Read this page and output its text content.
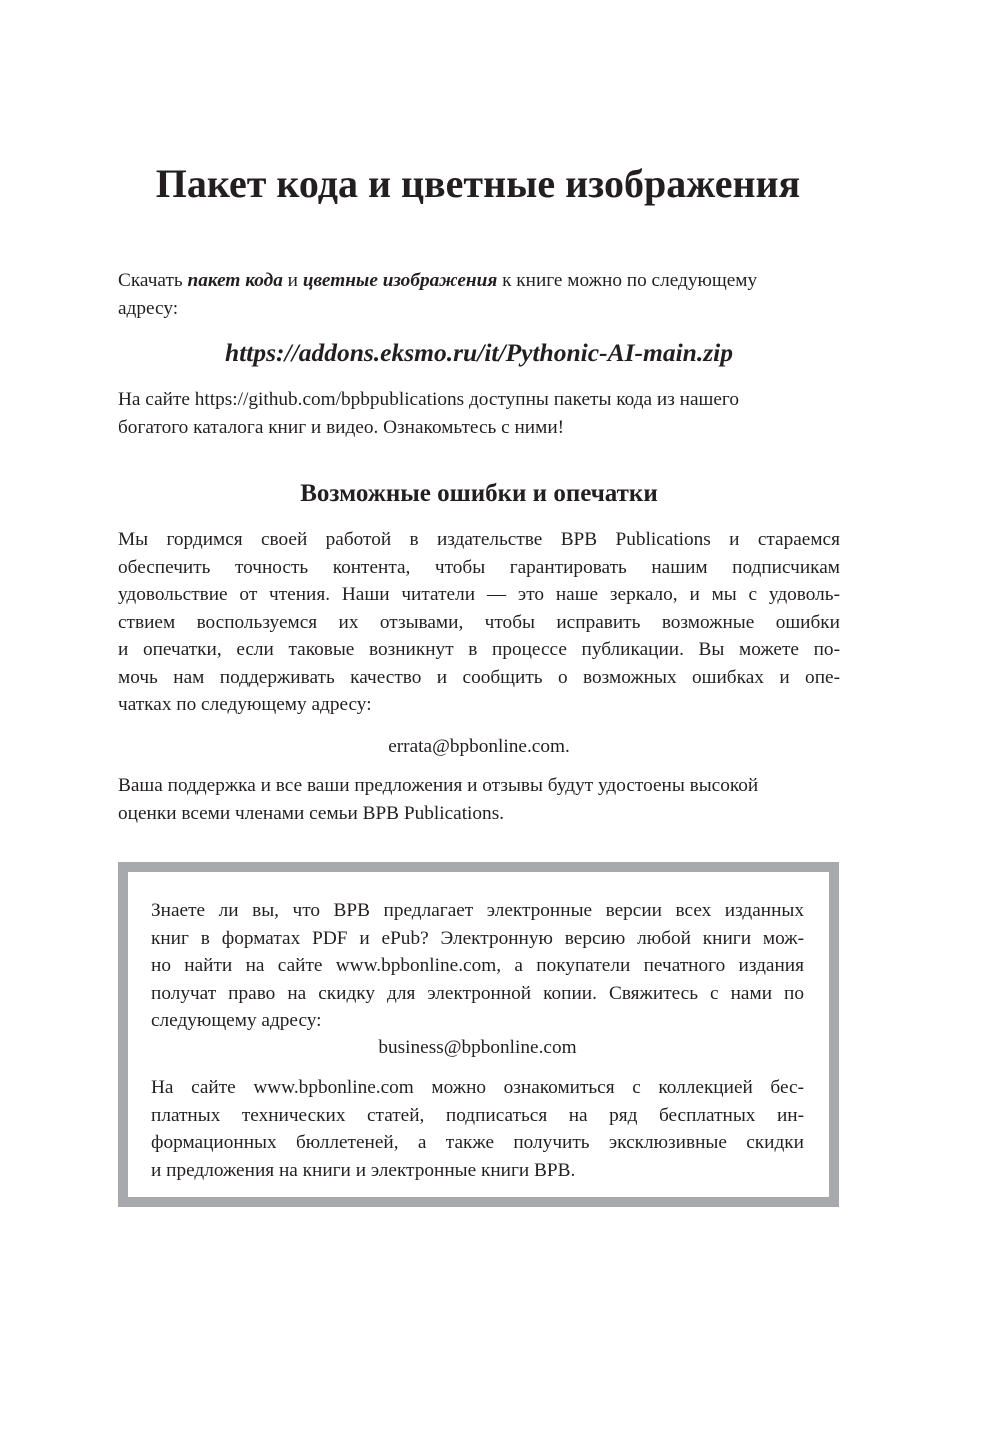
Пакет кода и цветные изображения

Скачать пакет кода и цветные изображения к книге можно по следующему
адресу:

https://addons.eksmo.ru/it/Pythonic-AI-main.zip

На сайте https://github.com/bpbpublications доступны пакеты кода из нашего
богатого каталога книг и видео. Ознакомьтесь с ними!

Возможные ошибки и опечатки

Мы гордимся своей работой в издательстве BPB Publications и стараемся

обеспечить точность контента, чтобы гарантировать нашим подписчикам

удовольствие от чтения. Наши читатели — это наше зеркало, и мы с удоволь-

ствием воспользуемся их отзывами, чтобы исправить возможные ошибки

и опечатки, если таковые возникнут в процессе публикации. Вы можете по-

мочь нам поддерживать качество и сообщить о возможных ошибках и опе-

чатках по следующему адресу:

errata@bpbonline.com.

Ваша поддержка и все ваши предложения и отзывы будут удостоены высокой
оценки всеми членами семьи BPB Publications.

Знаете ли вы, что BPB предлагает электронные версии всех изданных

книг в форматах PDF и ePub? Электронную версию любой книги мож-

но найти на сайте www.bpbonline.com, а покупатели печатного издания

получат право на скидку для электронной копии. Свяжитесь с нами по

следующему адресу:

business@bpbonline.com

На сайте www.bpbonline.com можно ознакомиться с коллекцией бес-

платных технических статей, подписаться на ряд бесплатных ин-

формационных бюллетеней, а также получить эксклюзивные скидки

и предложения на книги и электронные книги BPB.
